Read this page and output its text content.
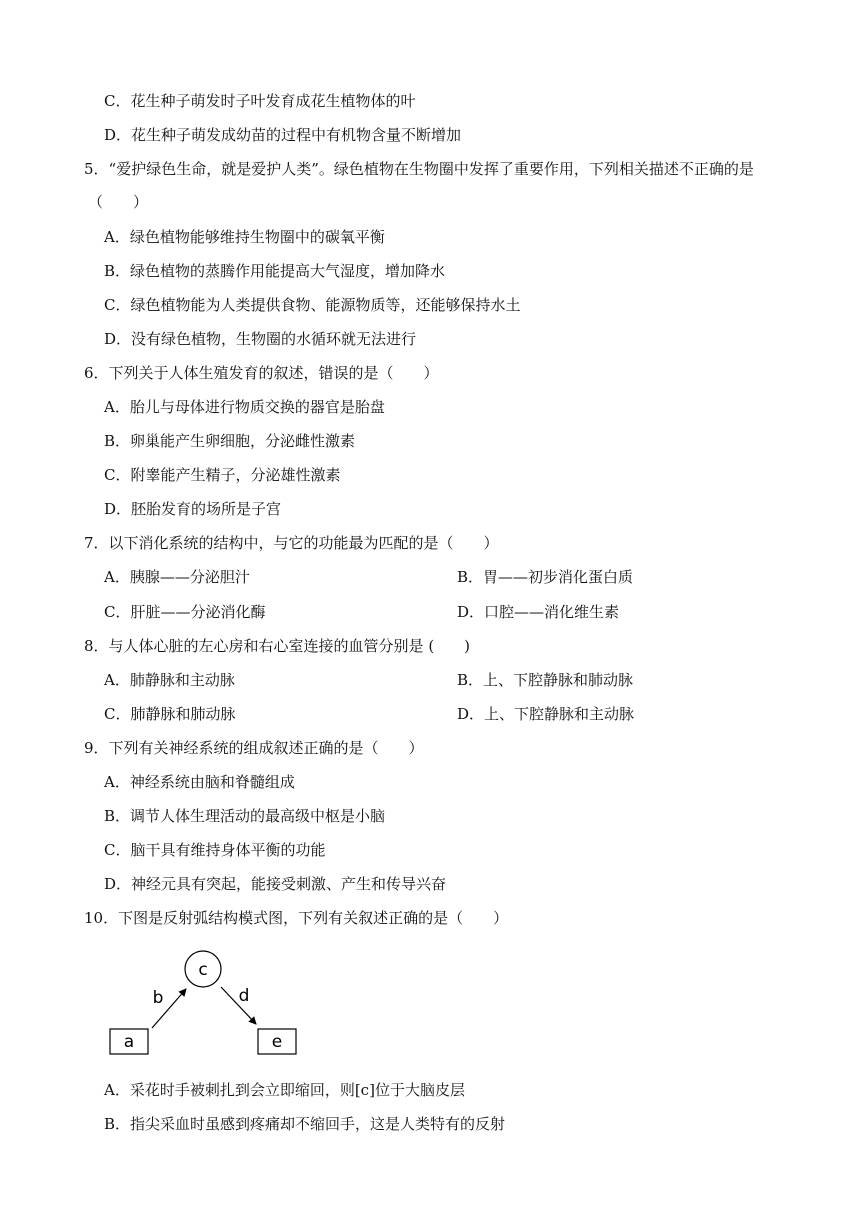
C．花生种子萌发时子叶发育成花生植物体的叶
D．花生种子萌发成幼苗的过程中有机物含量不断增加
5．“爱护绿色生命，就是爱护人类”。绿色植物在生物圈中发挥了重要作用，下列相关描述不正确的是
（　　）
A．绿色植物能够维持生物圈中的碳氧平衡
B．绿色植物的蒸腾作用能提高大气湿度，增加降水
C．绿色植物能为人类提供食物、能源物质等，还能够保持水土
D．没有绿色植物，生物圈的水循环就无法进行
6．下列关于人体生殖发育的叙述，错误的是（　　）
A．胎儿与母体进行物质交换的器官是胎盘
B．卵巢能产生卵细胞，分泌雌性激素
C．附睾能产生精子，分泌雄性激素
D．胚胎发育的场所是子宫
7．以下消化系统的结构中，与它的功能最为匹配的是（　　）
A．胰腺——分泌胆汁	B．胃——初步消化蛋白质
C．肝脏——分泌消化酶	D．口腔——消化维生素
8．与人体心脏的左心房和右心室连接的血管分别是 (　　)
A．肺静脉和主动脉	B．上、下腔静脉和肺动脉
C．肺静脉和肺动脉	D．上、下腔静脉和主动脉
9．下列有关神经系统的组成叙述正确的是（　　）
A．神经系统由脑和脊髓组成
B．调节人体生理活动的最高级中枢是小脑
C．脑干具有维持身体平衡的功能
D．神经元具有突起，能接受刺激、产生和传导兴奋
10．下图是反射弧结构模式图，下列有关叙述正确的是（　　）
c
a	e
b	d
A．采花时手被刺扎到会立即缩回，则[c]位于大脑皮层
B．指尖采血时虽感到疼痛却不缩回手，这是人类特有的反射
